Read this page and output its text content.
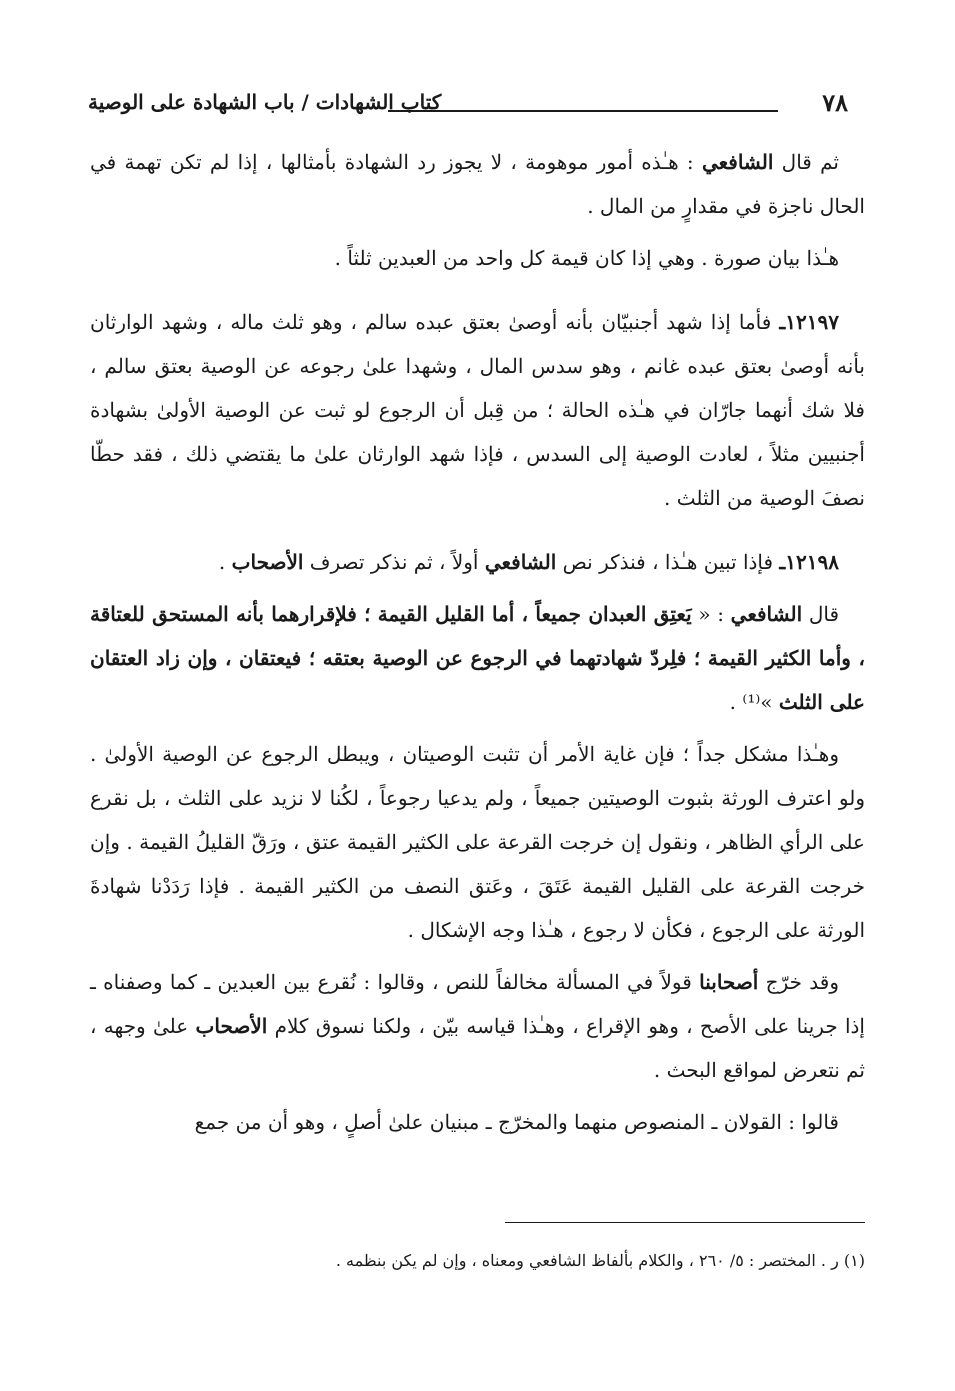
٧٨
كتاب الشهادات / باب الشهادة على الوصية

ثم قال الشافعي : هـٰذه أمور موهومة ، لا يجوز رد الشهادة بأمثالها ، إذا لم تكن تهمة في الحال ناجزة في مقدارٍ من المال .

هـٰذا بيان صورة . وهي إذا كان قيمة كل واحد من العبدين ثلثاً .

١٢١٩٧ـ فأما إذا شهد أجنبيّان بأنه أوصىٰ بعتق عبده سالم ، وهو ثلث ماله ، وشهد الوارثان بأنه أوصىٰ بعتق عبده غانم ، وهو سدس المال ، وشهدا علىٰ رجوعه عن الوصية بعتق سالم ، فلا شك أنهما جارّان في هـٰذه الحالة ؛ من قِبل أن الرجوع لو ثبت عن الوصية الأولىٰ بشهادة أجنبيين مثلاً ، لعادت الوصية إلى السدس ، فإذا شهد الوارثان علىٰ ما يقتضي ذلك ، فقد حطّا نصفَ الوصية من الثلث .

١٢١٩٨ـ فإذا تبين هـٰذا ، فنذكر نص الشافعي أولاً ، ثم نذكر تصرف الأصحاب .

قال الشافعي : « يَعتِق العبدان جميعاً ، أما القليل القيمة ؛ فلإقرارهما بأنه المستحق للعتاقة ، وأما الكثير القيمة ؛ فلِردّ شهادتهما في الرجوع عن الوصية بعتقه ؛ فيعتقان ، وإن زاد العتقان على الثلث »⁽¹⁾ .

وهـٰذا مشكل جداً ؛ فإن غاية الأمر أن تثبت الوصيتان ، ويبطل الرجوع عن الوصية الأولىٰ . ولو اعترف الورثة بثبوت الوصيتين جميعاً ، ولم يدعيا رجوعاً ، لكُنا لا نزيد على الثلث ، بل نقرع على الرأي الظاهر ، ونقول إن خرجت القرعة على الكثير القيمة عتق ، ورَقّ القليلُ القيمة . وإن خرجت القرعة على القليل القيمة عَتَقَ ، وعَتق النصف من الكثير القيمة . فإذا رَدَدْنا شهادةَ الورثة على الرجوع ، فكأن لا رجوع ، هـٰذا وجه الإشكال .

وقد خرّج أصحابنا قولاً في المسألة مخالفاً للنص ، وقالوا : نُقرع بين العبدين ـ كما وصفناه ـ إذا جرينا على الأصح ، وهو الإقراع ، وهـٰذا قياسه بيّن ، ولكنا نسوق كلام الأصحاب علىٰ وجهه ، ثم نتعرض لمواقع البحث .

قالوا : القولان ـ المنصوص منهما والمخرّج ـ مبنيان علىٰ أصلٍ ، وهو أن من جمع

(١) ر . المختصر : ٥/ ٢٦٠ ، والكلام بألفاظ الشافعي ومعناه ، وإن لم يكن بنظمه .
